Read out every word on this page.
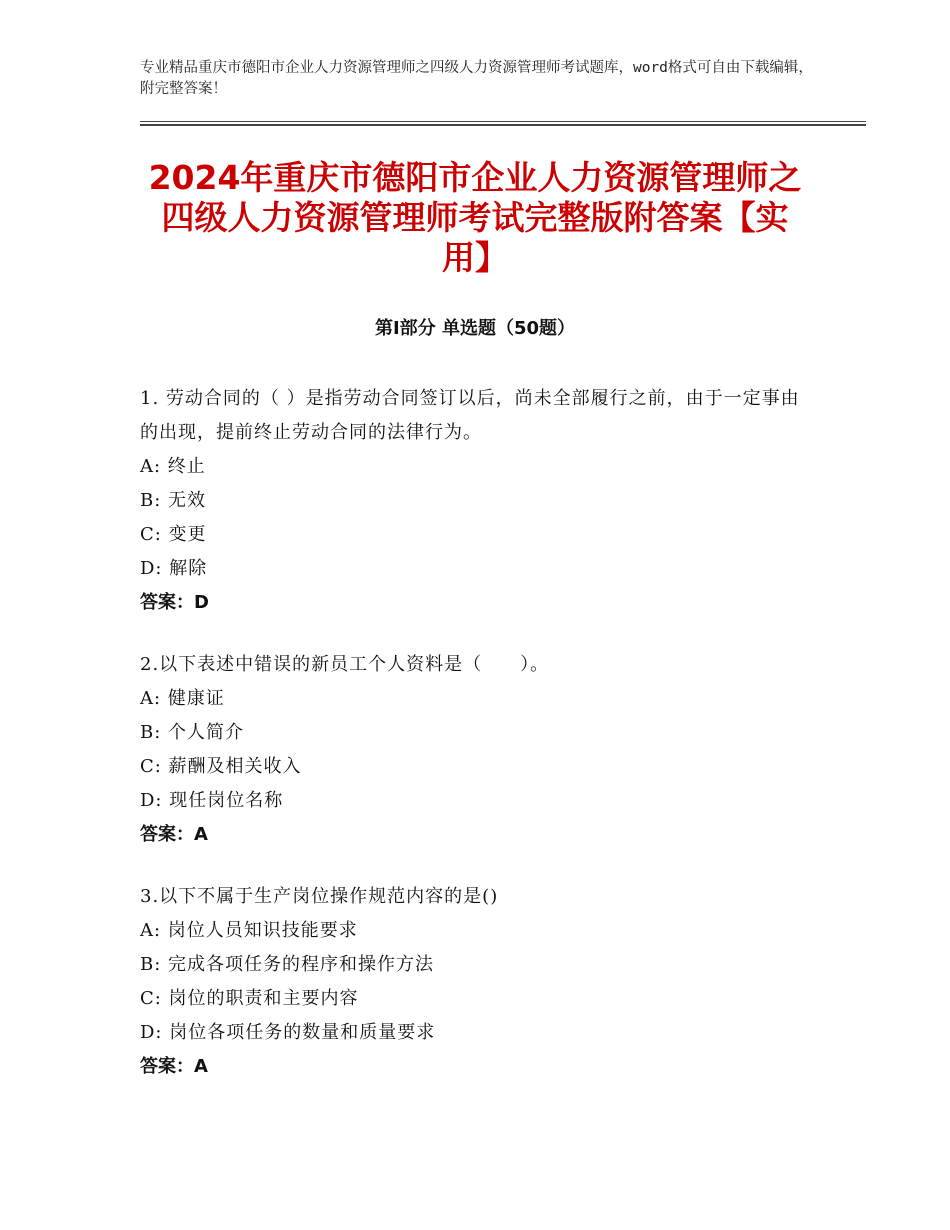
专业精品重庆市德阳市企业人力资源管理师之四级人力资源管理师考试题库，word格式可自由下载编辑，附完整答案！
2024年重庆市德阳市企业人力资源管理师之四级人力资源管理师考试完整版附答案【实用】
第Ⅰ部分 单选题（50题）

1. 劳动合同的（ ）是指劳动合同签订以后，尚未全部履行之前，由于一定事由的出现，提前终止劳动合同的法律行为。

A: 终止

B: 无效

C: 变更

D: 解除

答案：D

2.以下表述中错误的新员工个人资料是（　　）。

A: 健康证

B: 个人简介

C: 薪酬及相关收入

D: 现任岗位名称

答案：A

3.以下不属于生产岗位操作规范内容的是()

A: 岗位人员知识技能要求

B: 完成各项任务的程序和操作方法

C: 岗位的职责和主要内容

D: 岗位各项任务的数量和质量要求

答案：A
